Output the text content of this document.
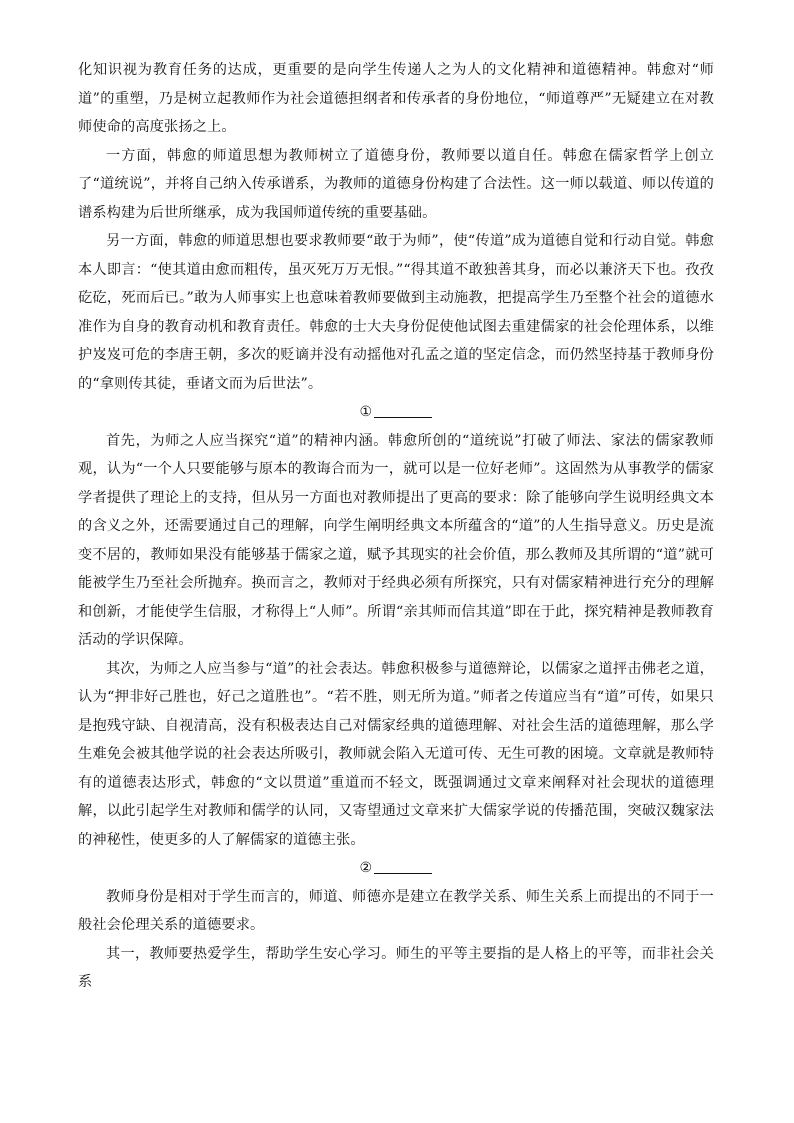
化知识视为教育任务的达成，更重要的是向学生传递人之为人的文化精神和道德精神。韩愈对“师道”的重塑，乃是树立起教师作为社会道德担纲者和传承者的身份地位，“师道尊严”无疑建立在对教师使命的高度张扬之上。

一方面，韩愈的师道思想为教师树立了道德身份，教师要以道自任。韩愈在儒家哲学上创立了“道统说”，并将自己纳入传承谱系，为教师的道德身份构建了合法性。这一师以载道、师以传道的谱系构建为后世所继承，成为我国师道传统的重要基础。

另一方面，韩愈的师道思想也要求教师要“敢于为师”，使“传道”成为道德自觉和行动自觉。韩愈本人即言：“使其道由愈而粗传，虽灭死万万无恨。”“得其道不敢独善其身，而必以兼济天下也。孜孜矻矻，死而后已。”敢为人师事实上也意味着教师要做到主动施教，把提高学生乃至整个社会的道德水准作为自身的教育动机和教育责任。韩愈的士大夫身份促使他试图去重建儒家的社会伦理体系，以维护岌岌可危的李唐王朝，多次的贬谪并没有动摇他对孔孟之道的坚定信念，而仍然坚持基于教师身份的“拿则传其徒，垂诸文而为后世法”。

①

首先，为师之人应当探究“道”的精神内涵。韩愈所创的“道统说”打破了师法、家法的儒家教师观，认为“一个人只要能够与原本的教诲合而为一，就可以是一位好老师”。这固然为从事教学的儒家学者提供了理论上的支持，但从另一方面也对教师提出了更高的要求：除了能够向学生说明经典文本的含义之外，还需要通过自己的理解，向学生阐明经典文本所蕴含的“道”的人生指导意义。历史是流变不居的，教师如果没有能够基于儒家之道，赋予其现实的社会价值，那么教师及其所谓的“道”就可能被学生乃至社会所抛弃。换而言之，教师对于经典必须有所探究，只有对儒家精神进行充分的理解和创新，才能使学生信服，才称得上“人师”。所谓“亲其师而信其道”即在于此，探究精神是教师教育活动的学识保障。

其次，为师之人应当参与“道”的社会表达。韩愈积极参与道德辩论，以儒家之道抨击佛老之道，认为“押非好己胜也，好己之道胜也”。“若不胜，则无所为道。”师者之传道应当有“道”可传，如果只是抱残守缺、自视清高，没有积极表达自己对儒家经典的道德理解、对社会生活的道德理解，那么学生难免会被其他学说的社会表达所吸引，教师就会陷入无道可传、无生可教的困境。文章就是教师特有的道德表达形式，韩愈的“文以贯道”重道而不轻文，既强调通过文章来阐释对社会现状的道德理解，以此引起学生对教师和儒学的认同，又寄望通过文章来扩大儒家学说的传播范围，突破汉魏家法的神秘性，使更多的人了解儒家的道德主张。

②

教师身份是相对于学生而言的，师道、师德亦是建立在教学关系、师生关系上而提出的不同于一般社会伦理关系的道德要求。

其一，教师要热爱学生，帮助学生安心学习。师生的平等主要指的是人格上的平等，而非社会关系
